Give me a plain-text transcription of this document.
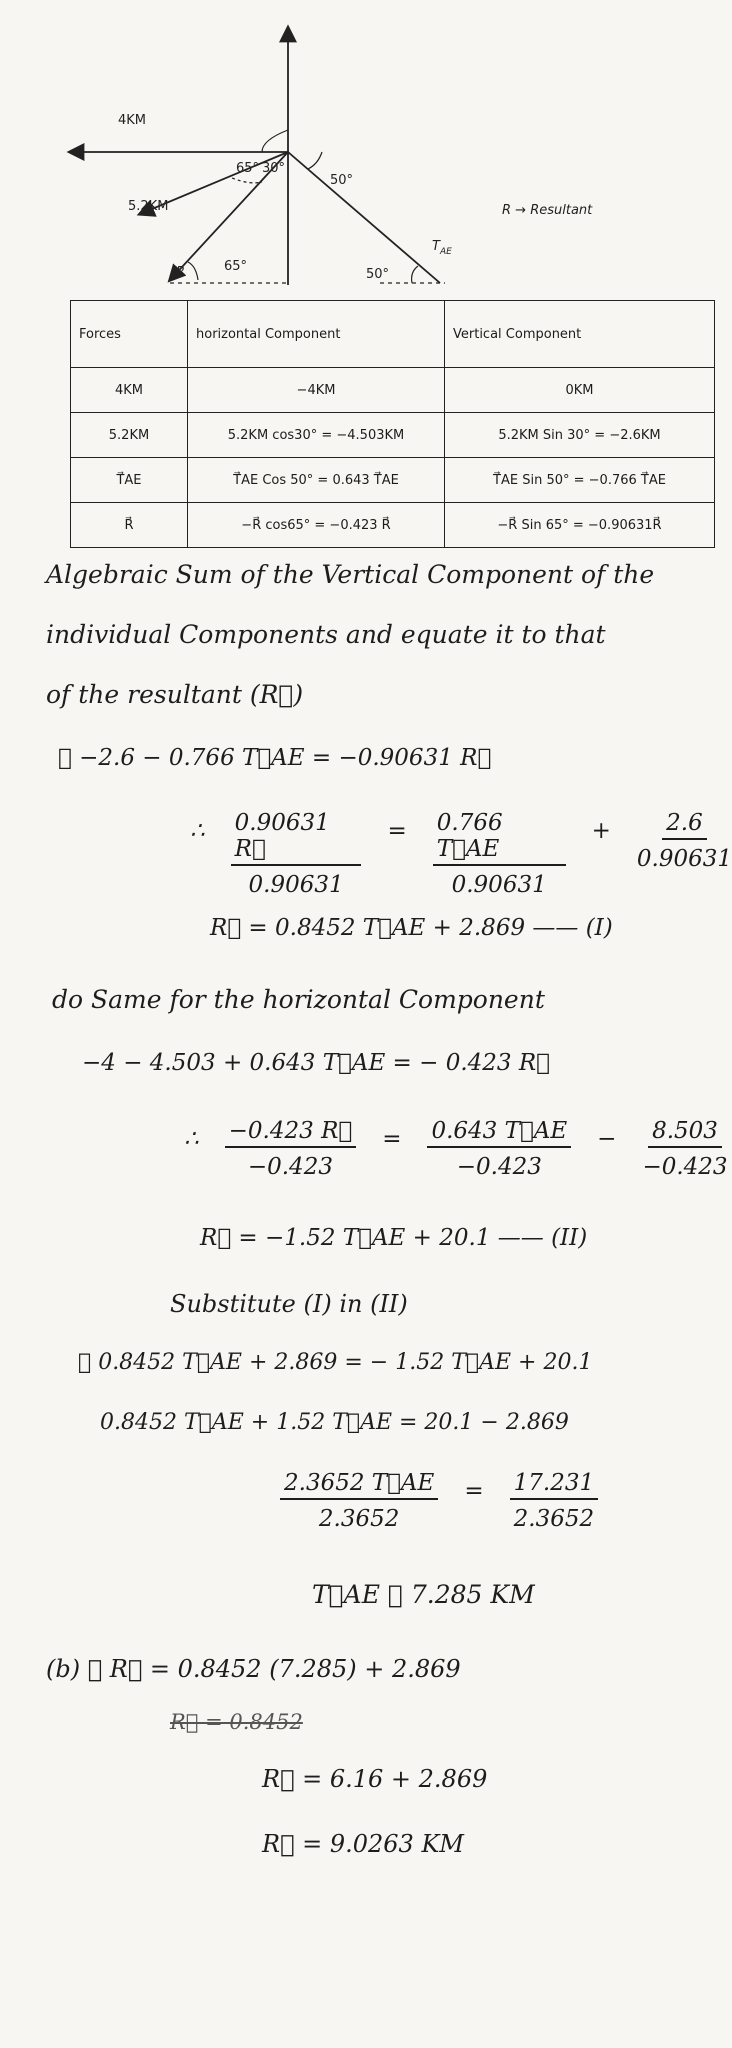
4KM
5.2KM
65° 30°
50°
65°
50°
R
$T_{AE}$
R → Resultant
Forces	horizontal Component	Vertical Component
4KM	−4KM	0KM
5.2KM	5.2KM cos30° = −4.503KM	5.2KM Sin 30° = −2.6KM
T⃗AE	T⃗AE Cos 50° = 0.643 T⃗AE	T⃗AE Sin 50° = −0.766 T⃗AE
R⃗	−R⃗ cos65° = −0.423 R⃗	−R⃗ Sin 65° = −0.90631R⃗
Algebraic Sum of the Vertical Component of the
individual Components and equate it to that
of the resultant (R⃗)
∴ −2.6 − 0.766 T⃗AE = −0.90631 R⃗
∴ $\frac{0.90631 R⃗}{0.90631} = \frac{0.766 T⃗AE}{0.90631} + \frac{2.6}{0.90631}$
R⃗ = 0.8452 T⃗AE + 2.869 —— (I)
do Same for the horizontal Component
−4 − 4.503 + 0.643 T⃗AE = − 0.423 R⃗
∴ $\frac{-0.423 R⃗}{-0.423} = \frac{0.643 T⃗AE}{-0.423} - \frac{8.503}{-0.423}$
R⃗ = −1.52 T⃗AE + 20.1 —— (II)
Substitute (I) in (II)
∴ 0.8452 T⃗AE + 2.869 = − 1.52 T⃗AE + 20.1
0.8452 T⃗AE + 1.52 T⃗AE = 20.1 − 2.869
$\frac{2.3652 T⃗AE}{2.3652} = \frac{17.231}{2.3652}$
T⃗AE ≅ 7.285 KM
(b) ∴ R⃗ = 0.8452 (7.285) + 2.869
R⃗ = 0.8452
R⃗ = 6.16 + 2.869
R⃗ = 9.0263 KM
